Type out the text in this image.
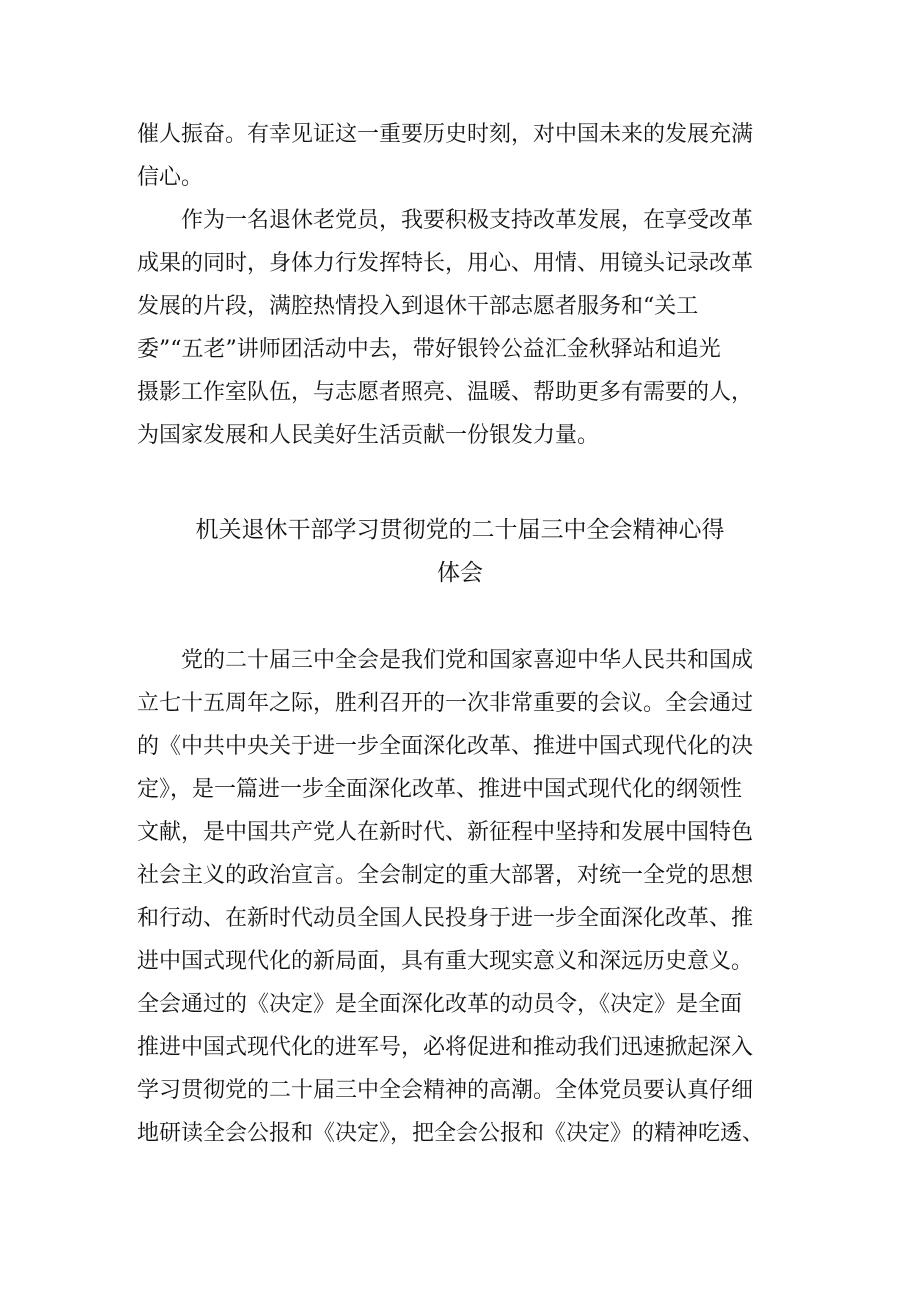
催人振奋。有幸见证这一重要历史时刻，对中国未来的发展充满
信心。
作为一名退休老党员，我要积极支持改革发展，在享受改革
成果的同时，身体力行发挥特长，用心、用情、用镜头记录改革
发展的片段，满腔热情投入到退休干部志愿者服务和“关工
委”“五老”讲师团活动中去，带好银铃公益汇金秋驿站和追光
摄影工作室队伍，与志愿者照亮、温暖、帮助更多有需要的人，
为国家发展和人民美好生活贡献一份银发力量。
机关退休干部学习贯彻党的二十届三中全会精神心得
体会
党的二十届三中全会是我们党和国家喜迎中华人民共和国成
立七十五周年之际，胜利召开的一次非常重要的会议。全会通过
的《中共中央关于进一步全面深化改革、推进中国式现代化的决
定》，是一篇进一步全面深化改革、推进中国式现代化的纲领性
文献，是中国共产党人在新时代、新征程中坚持和发展中国特色
社会主义的政治宣言。全会制定的重大部署，对统一全党的思想
和行动、在新时代动员全国人民投身于进一步全面深化改革、推
进中国式现代化的新局面，具有重大现实意义和深远历史意义。
全会通过的《决定》是全面深化改革的动员令，《决定》是全面
推进中国式现代化的进军号，必将促进和推动我们迅速掀起深入
学习贯彻党的二十届三中全会精神的高潮。全体党员要认真仔细
地研读全会公报和《决定》，把全会公报和《决定》的精神吃透、
